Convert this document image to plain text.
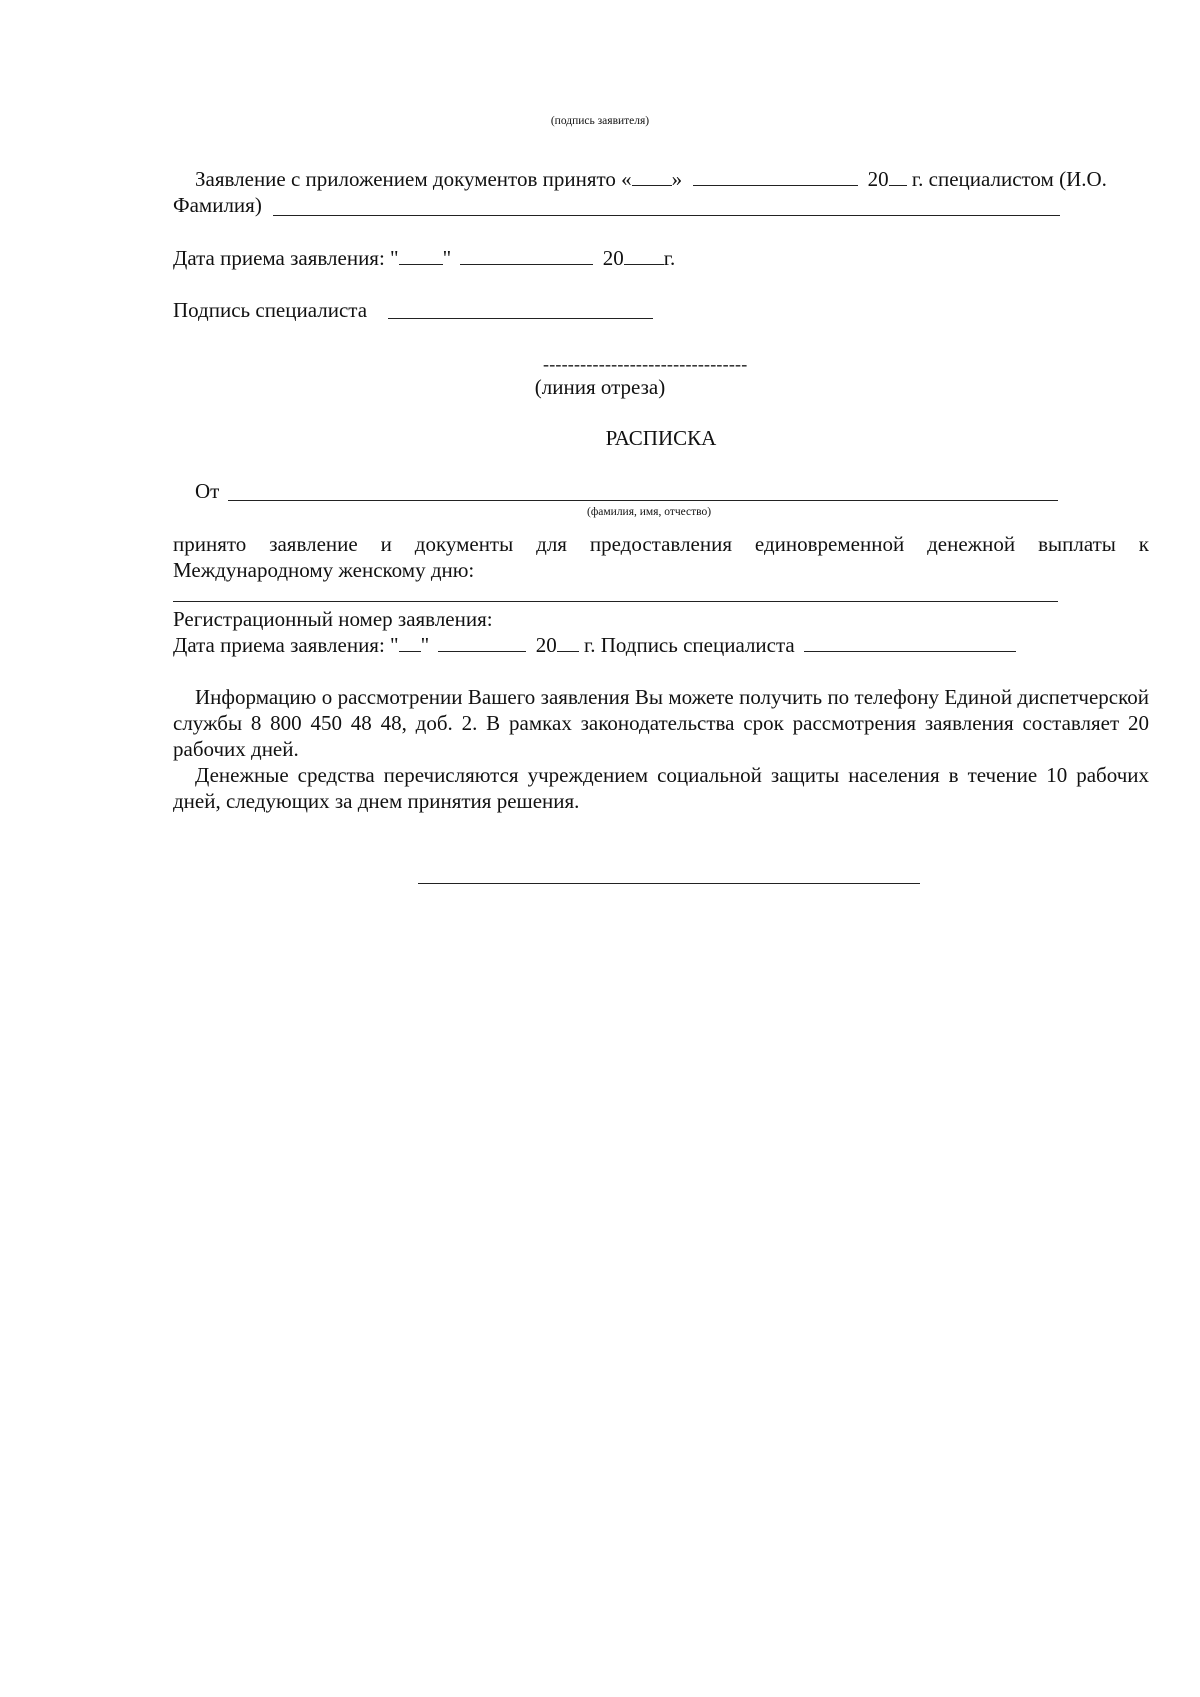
(подпись заявителя)
Заявление с приложением документов принято « »	20 г. специалистом (И.О.
Фамилия)
Дата приема заявления: " "	20 г.
Подпись специалиста
---------------------------------
(линия отреза)
РАСПИСКА
От
(фамилия, имя, отчество)
принято заявление и документы для предоставления единовременной денежной выплаты к
Международному женскому дню:
Регистрационный номер заявления:
Дата приема заявления: " "	20 г. Подпись специалиста
Информацию о рассмотрении Вашего заявления Вы можете получить по телефону Единой диспетчерской службы 8 800 450 48 48, доб. 2. В рамках законодательства срок рассмотрения заявления составляет 20 рабочих дней.
Денежные средства перечисляются учреждением социальной защиты населения в течение 10 рабочих дней, следующих за днем принятия решения.
